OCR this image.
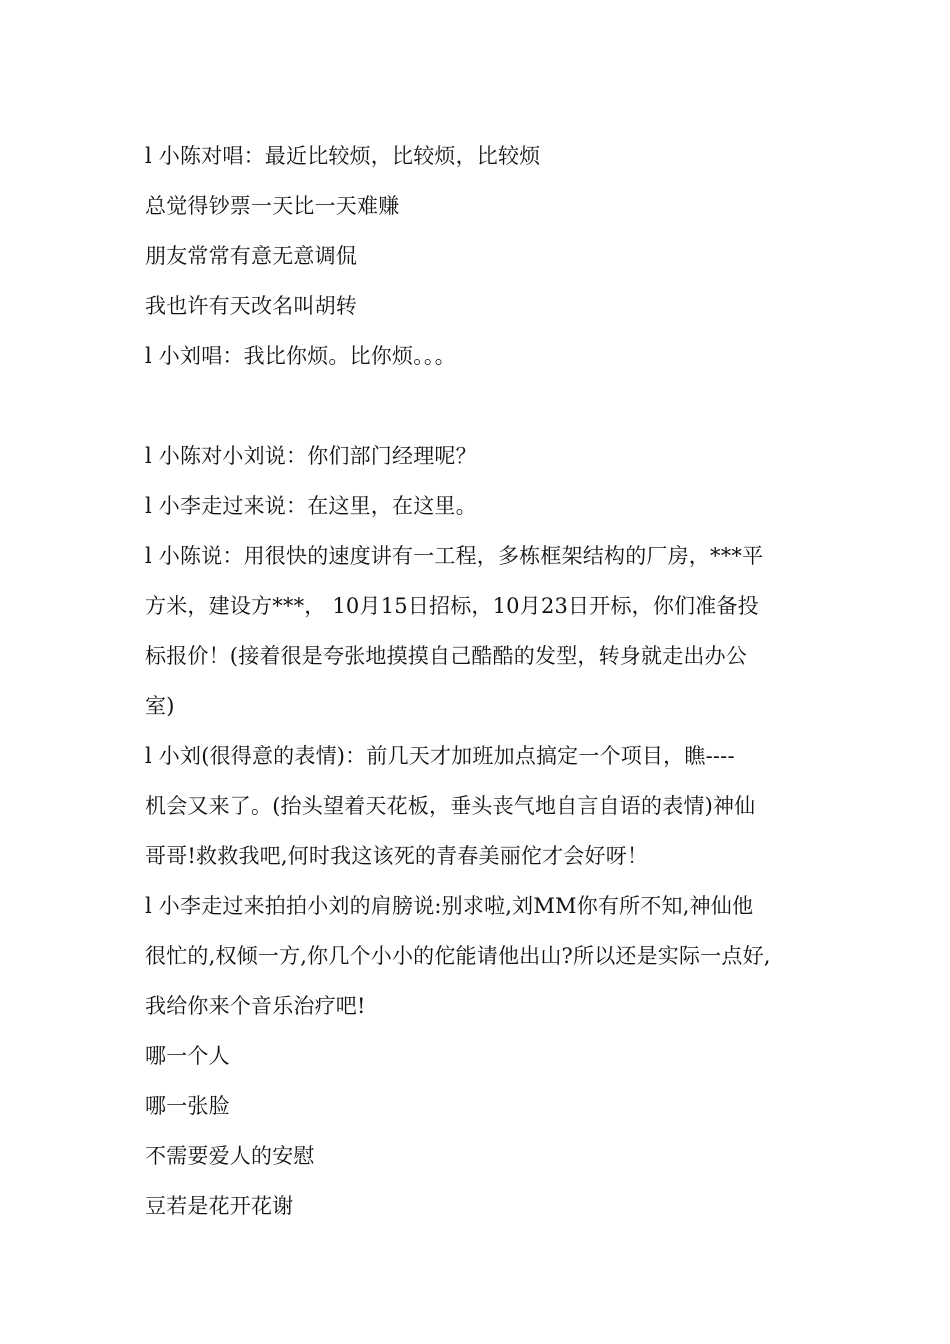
l 小陈对唱：最近比较烦，比较烦，比较烦
总觉得钞票一天比一天难赚
朋友常常有意无意调侃
我也许有天改名叫胡转
l 小刘唱：我比你烦。比你烦。。。
l 小陈对小刘说：你们部门经理呢？
l 小李走过来说：在这里，在这里。
l 小陈说：用很快的速度讲有一工程，多栋框架结构的厂房，***平
方米，建设方***， 10月15日招标，10月23日开标，你们准备投
标报价！(接着很是夸张地摸摸自己酷酷的发型，转身就走出办公
室)
l 小刘(很得意的表情)：前几天才加班加点搞定一个项目，瞧----
机会又来了。(抬头望着天花板，垂头丧气地自言自语的表情)神仙
哥哥!救救我吧,何时我这该死的青春美丽佗才会好呀！
l 小李走过来拍拍小刘的肩膀说:别求啦,刘MM你有所不知,神仙他
很忙的,权倾一方,你几个小小的佗能请他出山?所以还是实际一点好,
我给你来个音乐治疗吧!
哪一个人
哪一张脸
不需要爱人的安慰
豆若是花开花谢
